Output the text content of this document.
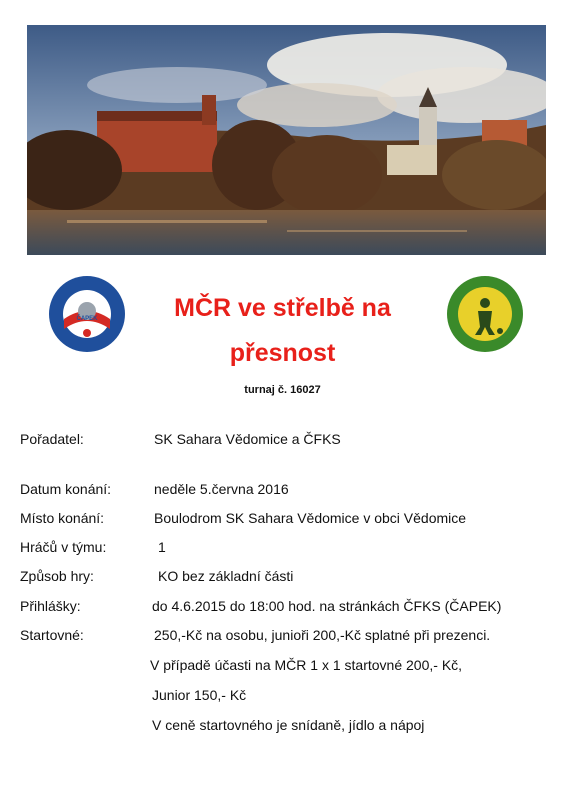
ČAPEK	MČR ve střelbě na
přesnost
turnaj č. 16027
Pořadatel:	SK Sahara Vědomice a ČFKS
Datum konání:	neděle 5.června 2016
Místo konání:	Boulodrom SK Sahara Vědomice v obci Vědomice
Hráčů v týmu:	1
Způsob hry:	KO bez základní části
Přihlášky:	do 4.6.2015 do 18:00 hod. na stránkách ČFKS (ČAPEK)
Startovné:	250,-Kč na osobu, junioři 200,-Kč splatné při prezenci.
V případě účasti na MČR 1 x 1 startovné 200,- Kč,
Junior 150,- Kč
V ceně startovného je snídaně, jídlo a nápoj
